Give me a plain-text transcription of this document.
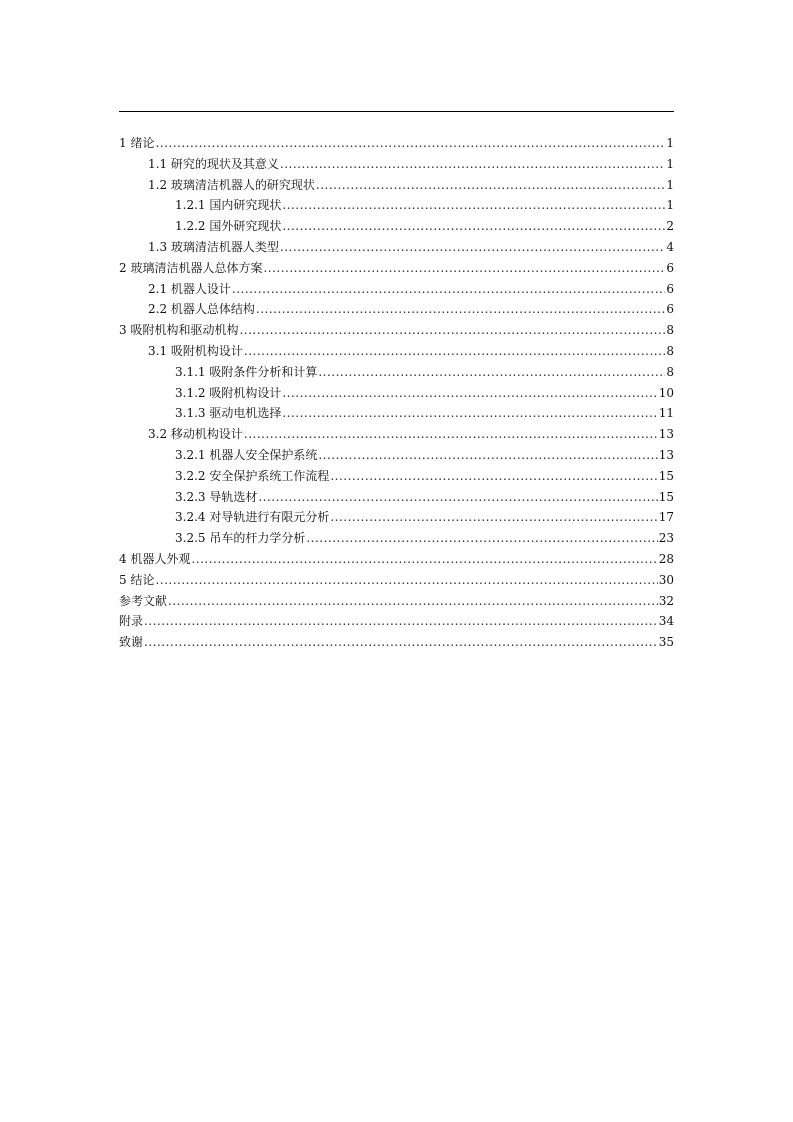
1 绪论 .....	1
1.1 研究的现状及其意义 .....	1
1.2 玻璃清洁机器人的研究现状 .....	1
1.2.1 国内研究现状 .....	1
1.2.2 国外研究现状 .....	2
1.3 玻璃清洁机器人类型 .....	4
2 玻璃清洁机器人总体方案 .....	6
2.1 机器人设计 .....	6
2.2 机器人总体结构 .....	6
3 吸附机构和驱动机构 .....	8
3.1 吸附机构设计 .....	8
3.1.1 吸附条件分析和计算 .....	8
3.1.2 吸附机构设计 .....	10
3.1.3 驱动电机选择 .....	11
3.2 移动机构设计 .....	13
3.2.1 机器人安全保护系统 .....	13
3.2.2 安全保护系统工作流程 .....	15
3.2.3 导轨选材 .....	15
3.2.4 对导轨进行有限元分析 .....	17
3.2.5 吊车的杆力学分析 .....	23
4 机器人外观 .....	28
5 结论 .....	30
参考文献 .....	32
附录 .....	34
致谢 .....	35
